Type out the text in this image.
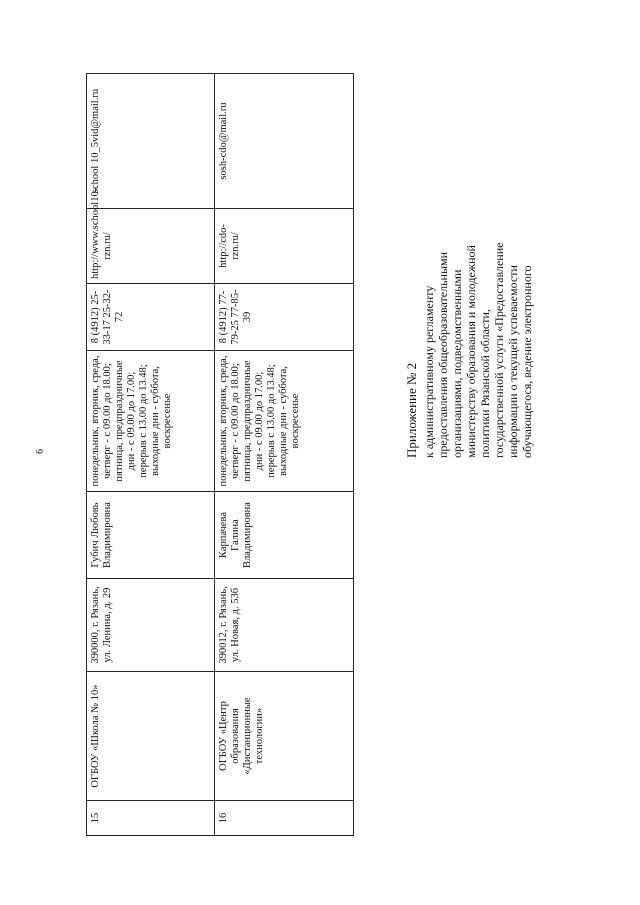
6
15	ОГБОУ «Школа № 10»	390000, г. Рязань, ул. Ленина, д. 29	Губич Любовь Владимировна	понедельник, вторник, среда, четверг - с 09.00 до 18.00; пятница, предпраздничные дни - с 09.00 до 17.00; перерыв с 13.00 до 13.48; выходные дни - суббота, воскресенье	8 (4912) 25-33-17 25-32-72	http://www.school10-rzn.ru/	school 10_5vid@mail.ru
16	ОГБОУ «Центр образования «Дистанционные технологии»	390012, г. Рязань, ул. Новая, д. 53б	Карпачева Галина Владимировна	понедельник, вторник, среда, четверг - с 09.00 до 18.00; пятница, предпраздничные дни - с 09.00 до 17.00; перерыв с 13.00 до 13.48; выходные дни - суббота, воскресенье	8 (4912) 77-79-25 77-85-39	http://cdo-rzn.ru/	sosh-cdo@mail.ru

Приложение № 2 к административному регламенту предоставления общеобразовательными организациями, подведомственными министерству образования и молодежной политики Рязанской области, государственной услуги «Предоставление информации о текущей успеваемости обучающегося, ведение электронного
